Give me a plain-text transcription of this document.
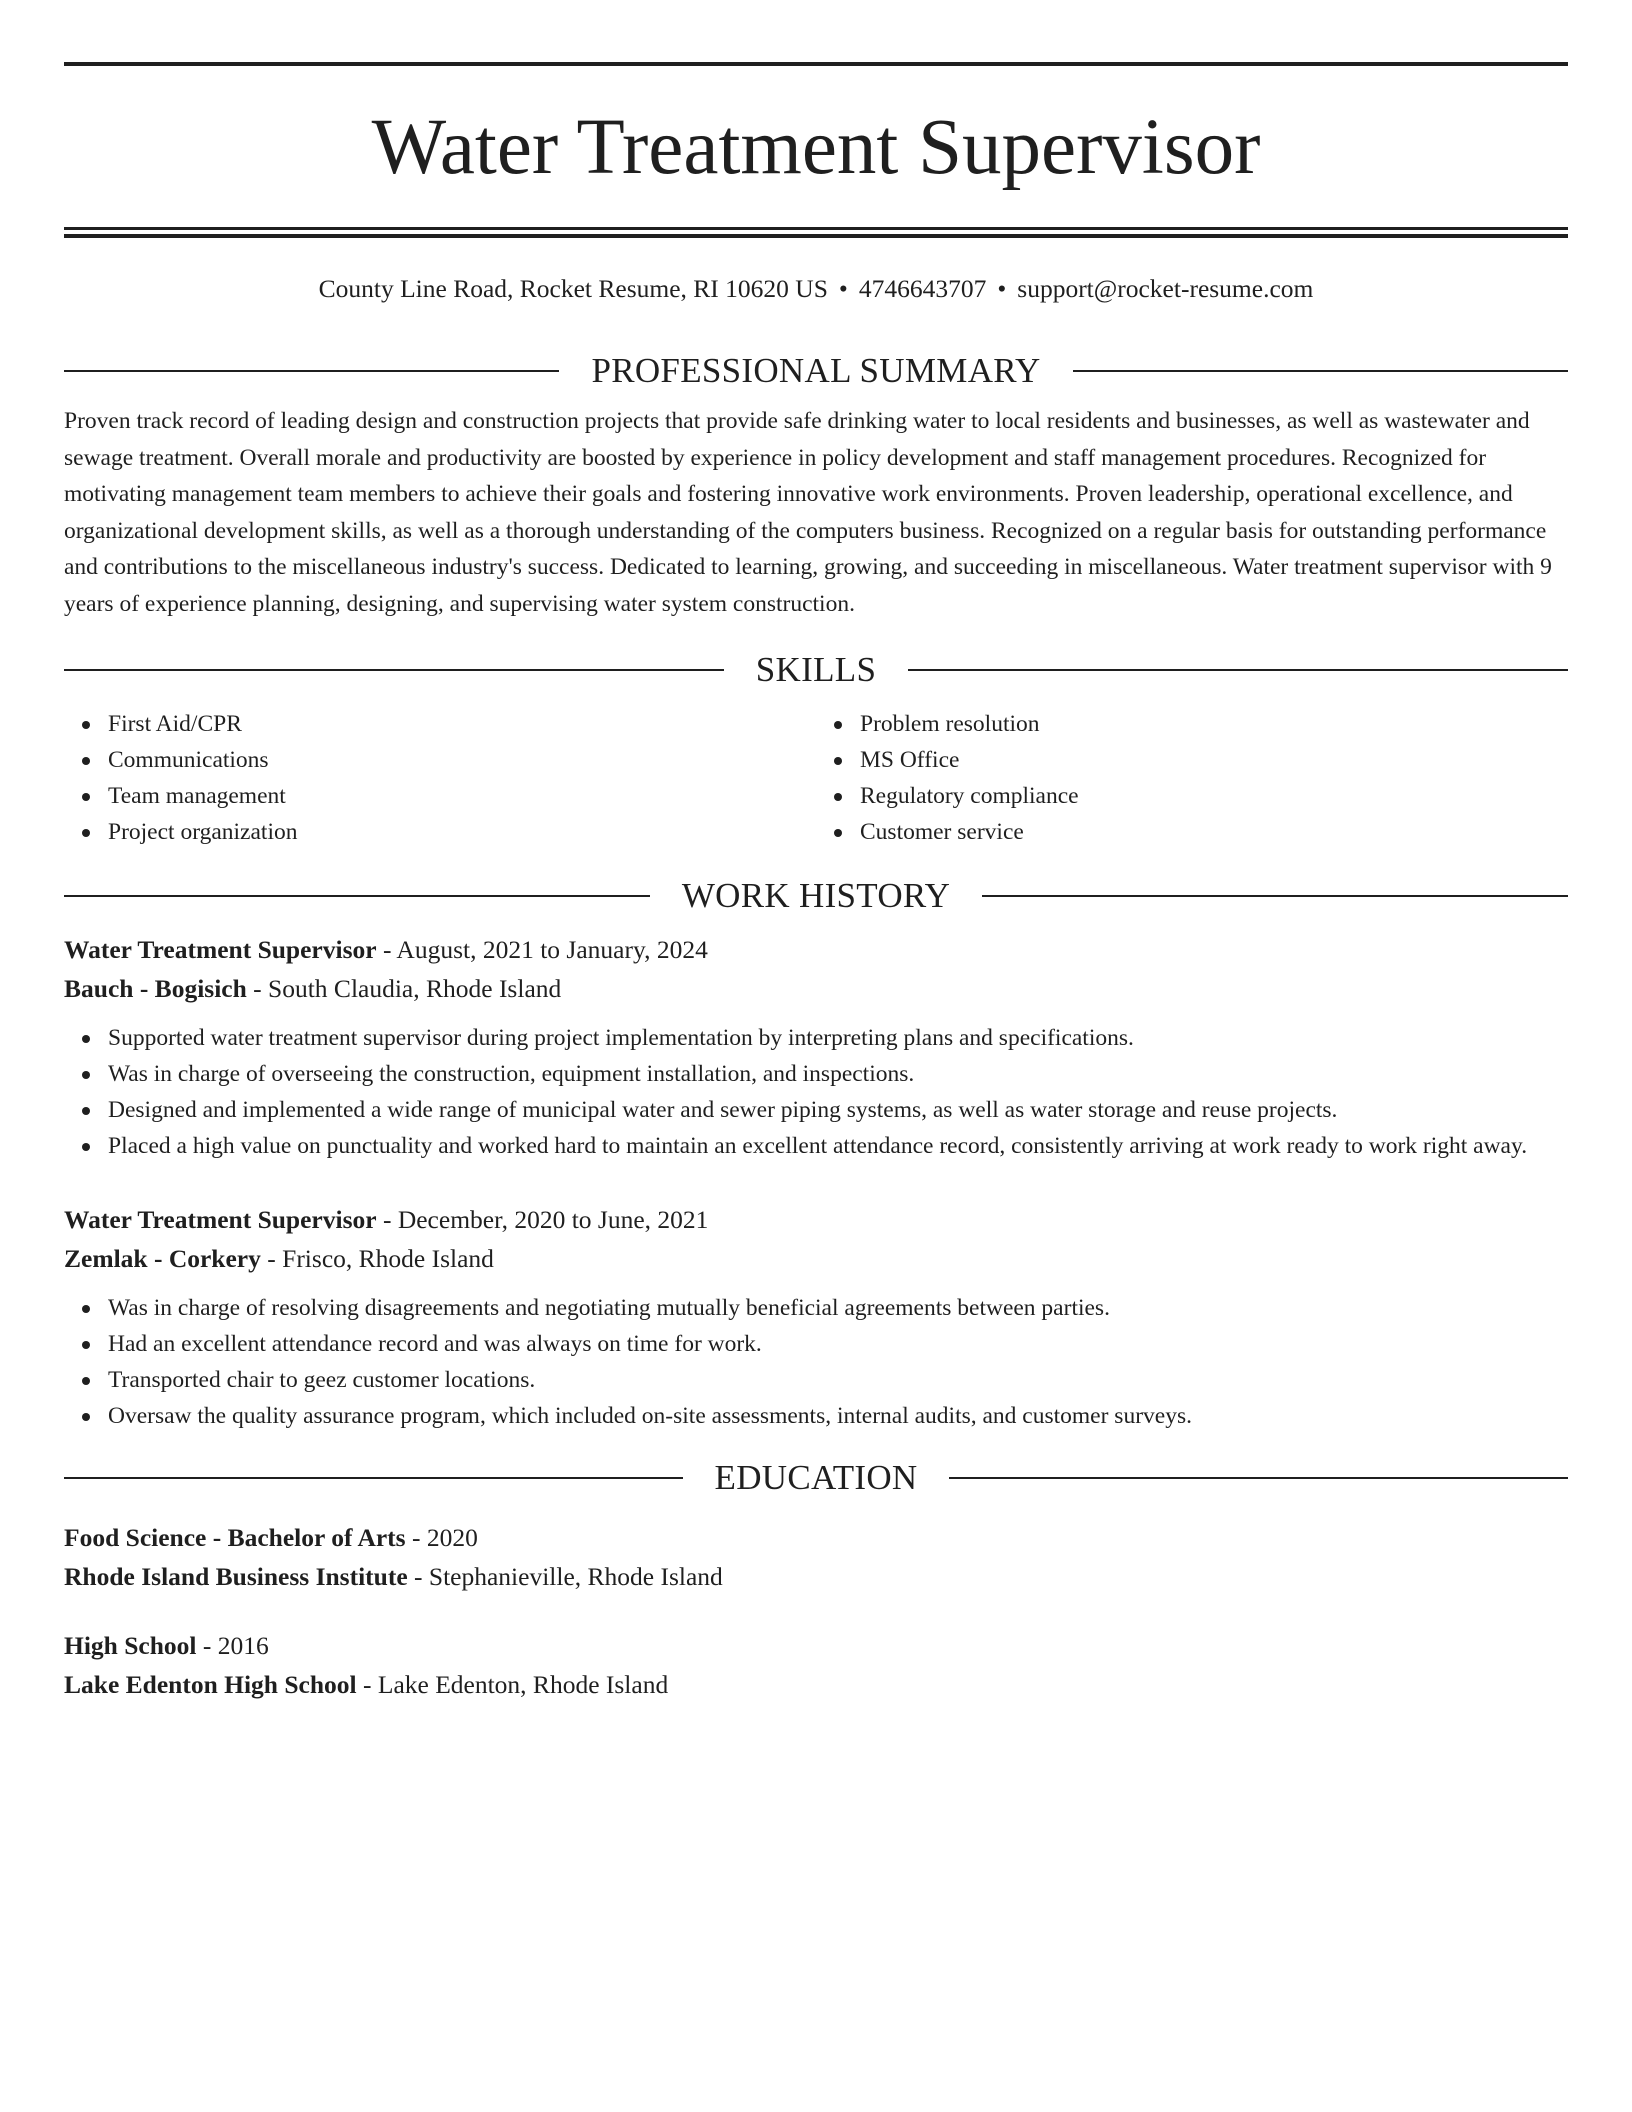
Water Treatment Supervisor
County Line Road, Rocket Resume, RI 10620 US • 4746643707 • support@rocket-resume.com
PROFESSIONAL SUMMARY

Proven track record of leading design and construction projects that provide safe drinking water to local residents and businesses, as well as wastewater and sewage treatment. Overall morale and productivity are boosted by experience in policy development and staff management procedures. Recognized for motivating management team members to achieve their goals and fostering innovative work environments. Proven leadership, operational excellence, and organizational development skills, as well as a thorough understanding of the computers business. Recognized on a regular basis for outstanding performance and contributions to the miscellaneous industry's success. Dedicated to learning, growing, and succeeding in miscellaneous. Water treatment supervisor with 9 years of experience planning, designing, and supervising water system construction.

SKILLS
First Aid/CPR
Communications
Team management
Project organization
Problem resolution
MS Office
Regulatory compliance
Customer service
WORK HISTORY
Water Treatment Supervisor - August, 2021 to January, 2024
Bauch - Bogisich - South Claudia, Rhode Island
Supported water treatment supervisor during project implementation by interpreting plans and specifications.
Was in charge of overseeing the construction, equipment installation, and inspections.
Designed and implemented a wide range of municipal water and sewer piping systems, as well as water storage and reuse projects.
Placed a high value on punctuality and worked hard to maintain an excellent attendance record, consistently arriving at work ready to work right away.
Water Treatment Supervisor - December, 2020 to June, 2021
Zemlak - Corkery - Frisco, Rhode Island
Was in charge of resolving disagreements and negotiating mutually beneficial agreements between parties.
Had an excellent attendance record and was always on time for work.
Transported chair to geez customer locations.
Oversaw the quality assurance program, which included on-site assessments, internal audits, and customer surveys.
EDUCATION
Food Science - Bachelor of Arts - 2020
Rhode Island Business Institute - Stephanieville, Rhode Island
High School - 2016
Lake Edenton High School - Lake Edenton, Rhode Island
